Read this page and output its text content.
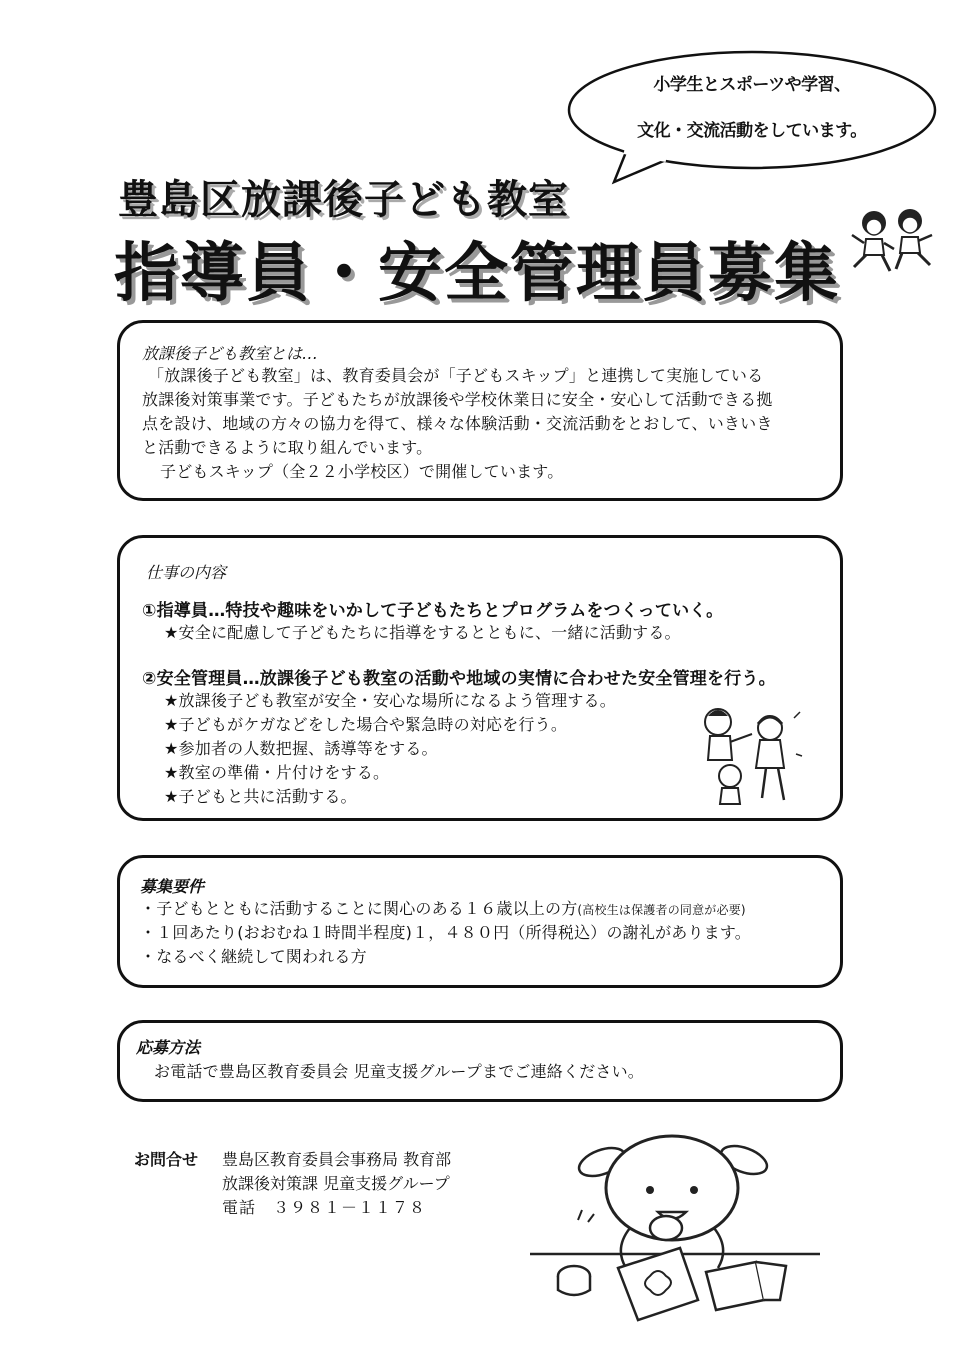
小学生とスポーツや学習、
文化・交流活動をしています。
豊島区放課後子ども教室
指導員・安全管理員募集
放課後子ども教室とは…
「放課後子ども教室」は、教育委員会が「子どもスキップ」と連携して実施している
放課後対策事業です。子どもたちが放課後や学校休業日に安全・安心して活動できる拠
点を設け、地域の方々の協力を得て、様々な体験活動・交流活動をとおして、いきいき
と活動できるように取り組んでいます。
子どもスキップ（全２２小学校区）で開催しています。
仕事の内容
①指導員…特技や趣味をいかして子どもたちとプログラムをつくっていく。
★安全に配慮して子どもたちに指導をするとともに、一緒に活動する。
②安全管理員…放課後子ども教室の活動や地域の実情に合わせた安全管理を行う。
★放課後子ども教室が安全・安心な場所になるよう管理する。
★子どもがケガなどをした場合や緊急時の対応を行う。
★参加者の人数把握、誘導等をする。
★教室の準備・片付けをする。
★子どもと共に活動する。
募集要件
・子どもとともに活動することに関心のある１６歳以上の方(高校生は保護者の同意が必要)
・１回あたり(おおむね１時間半程度)１，４８０円（所得税込）の謝礼があります。
・なるべく継続して関われる方
応募方法
お電話で豊島区教育委員会 児童支援グループまでご連絡ください。
お問合せ 豊島区教育委員会事務局 教育部
放課後対策課 児童支援グループ
電話　３９８１－１１７８
